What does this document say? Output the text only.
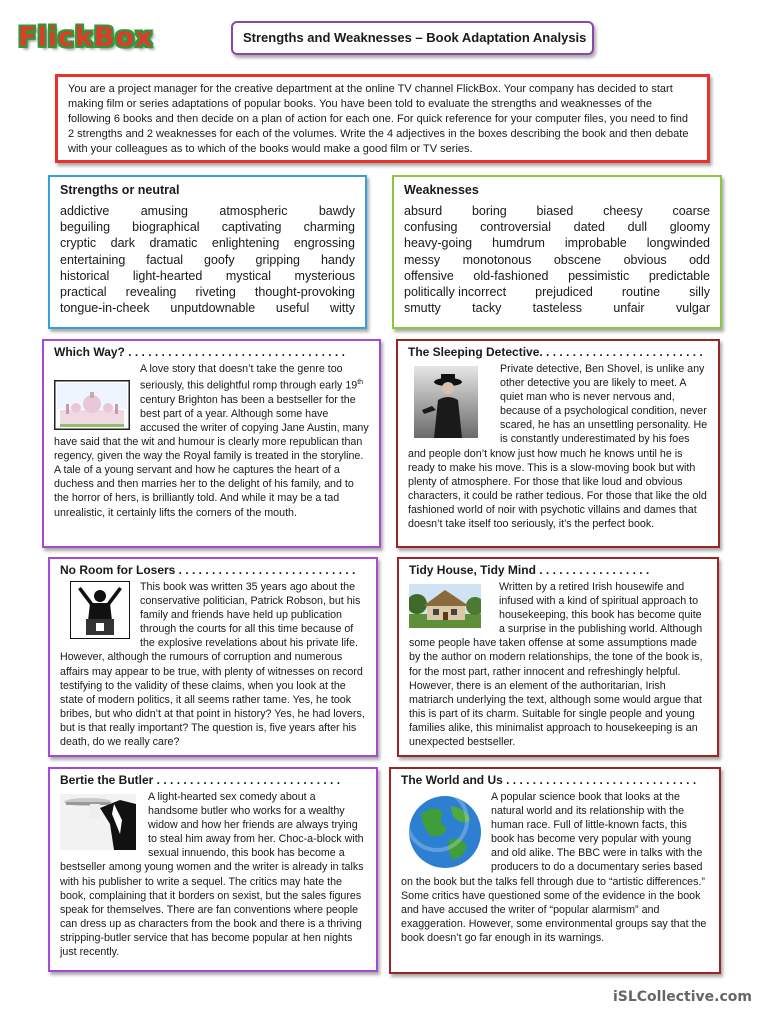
FlickBox	Strengths and Weaknesses – Book Adaptation Analysis
You are a project manager for the creative department at the online TV channel FlickBox. Your company has decided to start making film or series adaptations of popular books. You have been told to evaluate the strengths and weaknesses of the following 6 books and then decide on a plan of action for each one. For quick reference for your computer files, you need to find 2 strengths and 2 weaknesses for each of the volumes. Write the 4 adjectives in the boxes describing the book and then debate with your colleagues as to which of the books would make a good film or TV series.
Strengths or neutral
addictive	amusing	atmospheric	bawdy
beguiling biographical captivating charming
cryptic dark dramatic enlightening engrossing
entertaining factual goofy gripping handy
historical light-hearted mystical mysterious
practical revealing riveting thought-provoking
tongue-in-cheek unputdownable useful witty
Weaknesses
absurd boring biased cheesy coarse
confusing controversial dated dull gloomy
heavy-going humdrum improbable longwinded
messy monotonous obscene obvious odd
offensive old-fashioned pessimistic predictable
politically incorrect prejudiced routine silly
smutty	tacky	tasteless	unfair	vulgar
Which Way? . . . . . . . . . . . . . . . . . . . . . . . . . . . . . . . . .

A love story that doesn’t take the genre too seriously, this delightful romp through early 19th century Brighton has been a bestseller for the best part of a year. Although some have accused the writer of copying Jane Austin, many have said that the wit and humour is clearly more republican than regency, given the way the Royal family is treated in the storyline. A tale of a young servant and how he captures the heart of a duchess and then marries her to the delight of his family, and to the horror of hers, is brilliantly told. And while it may be a tad unrealistic, it certainly lifts the corners of the mouth.

The Sleeping Detective. . . . . . . . . . . . . . . . . . . . . . . . .

Private detective, Ben Shovel, is unlike any other detective you are likely to meet. A quiet man who is never nervous and, because of a psychological condition, never scared, he has an unsettling personality. He is constantly underestimated by his foes and people don’t know just how much he knows until he is ready to make his move. This is a slow-moving book but with plenty of atmosphere. For those that like loud and obvious characters, it could be rather tedious. For those that like the old fashioned world of noir with psychotic villains and dames that doesn’t take itself too seriously, it’s the perfect book.

No Room for Losers . . . . . . . . . . . . . . . . . . . . . . . . . . .

This book was written 35 years ago about the conservative politician, Patrick Robson, but his family and friends have held up publication through the courts for all this time because of the explosive revelations about his private life. However, although the rumours of corruption and numerous affairs may appear to be true, with plenty of witnesses on record testifying to the validity of these claims, when you look at the state of modern politics, it all seems rather tame. Yes, he took bribes, but who didn’t at that point in history? Yes, he had lovers, but is that really important? The question is, five years after his death, do we really care?

Tidy House, Tidy Mind . . . . . . . . . . . . . . . . .

Written by a retired Irish housewife and infused with a kind of spiritual approach to housekeeping, this book has become quite a surprise in the publishing world. Although some people have taken offense at some assumptions made by the author on modern relationships, the tone of the book is, for the most part, rather innocent and refreshingly helpful. However, there is an element of the authoritarian, Irish matriarch underlying the text, although some would argue that this is part of its charm. Suitable for single people and young families alike, this minimalist approach to housekeeping is an unexpected bestseller.

Bertie the Butler . . . . . . . . . . . . . . . . . . . . . . . . . . . .

A light-hearted sex comedy about a handsome butler who works for a wealthy widow and how her friends are always trying to steal him away from her. Choc-a-block with sexual innuendo, this book has become a bestseller among young women and the writer is already in talks with his publisher to write a sequel. The critics may hate the book, complaining that it borders on sexist, but the sales figures speak for themselves. There are fan conventions where people can dress up as characters from the book and there is a thriving stripping-butler service that has become popular at hen nights just recently.

The World and Us . . . . . . . . . . . . . . . . . . . . . . . . . . . . .

A popular science book that looks at the natural world and its relationship with the human race. Full of little-known facts, this book has become very popular with young and old alike. The BBC were in talks with the producers to do a documentary series based on the book but the talks fell through due to “artistic differences.” Some critics have questioned some of the evidence in the book and have accused the writer of “popular alarmism” and exaggeration. However, some environmental groups say that the book doesn’t go far enough in its warnings.

iSLCollective.com
